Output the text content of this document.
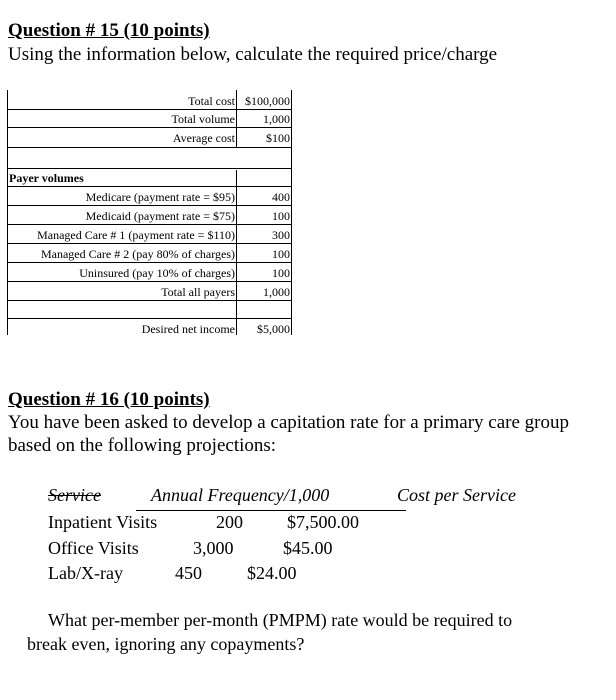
Question # 15 (10 points)
Using the information below, calculate the required price/charge
Total cost $100,000
Total volume 1,000
Average cost	$100
Payer volumes
Medicare (payment rate = $95)	400
Medicaid (payment rate = $75)	100
Managed Care # 1 (payment rate = $110)	300
Managed Care # 2 (pay 80% of charges)	100
Uninsured (pay 10% of charges)	100
Total all payers 1,000
Desired net income $5,000
Question # 16 (10 points)
You have been asked to develop a capitation rate for a primary care group
based on the following projections:
Service	Annual Frequency/1,000	Cost per Service
Inpatient Visits	200 $7,500.00
Office Visits	3,000	$45.00
Lab/X-ray	450	$24.00
What per-member per-month (PMPM) rate would be required to
break even, ignoring any copayments?
